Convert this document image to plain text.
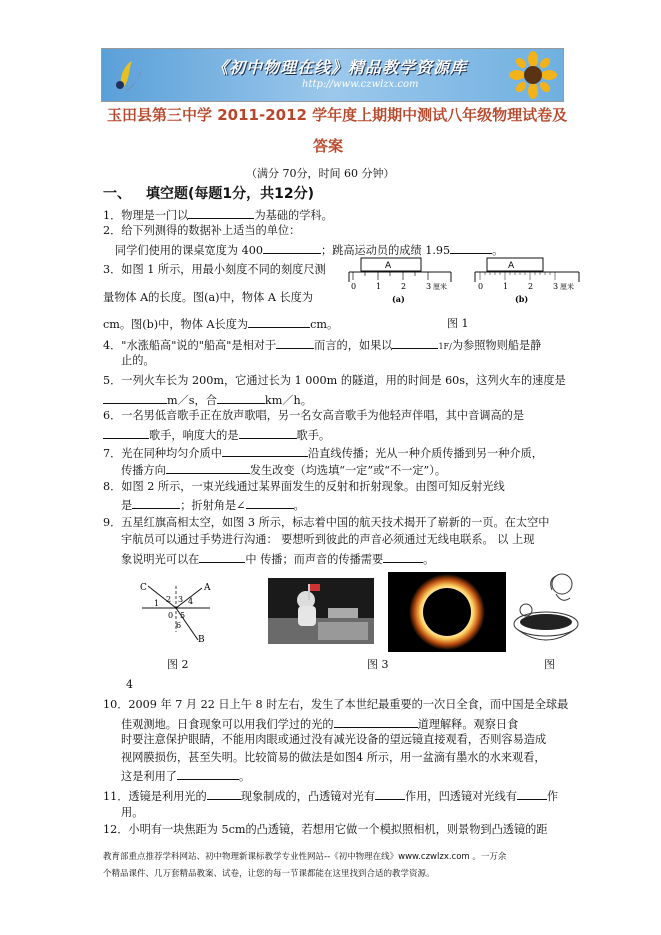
《初中物理在线》精品教学资源库
http://www.czwlzx.com
玉田县第三中学 2011-2012 学年度上期期中测试八年级物理试卷及
答案
（满分 70分，时间 60 分钟）
一、 填空题(每题1分，共12分)
1．物理是一门以	为基础的学科。
2．给下列测得的数据补上适当的单位：
同学们使用的课桌宽度为 400	；跳高运动员的成绩 1.95	。
3．如图 1 所示，用最小刻度不同的刻度尺测
量物体 A的长度。图(a)中，物体 A 长度为
cm。图(b)中，物体 A长度为	cm。
A
0 1 2 3 厘米
(a)
A
0 1 2 3 厘米
(b)
图 1
4．"水涨船高"说的"船高"是相对于	而言的，如果以	1F/为参照物则船是静
止的。
5．一列火车长为 200m，它通过长为 1 000m 的隧道，用的时间是 60s，这列火车的速度是
m／s，合	km／h。
6．一名男低音歌手正在放声歌唱，另一名女高音歌手为他轻声伴唱，其中音调高的是
歌手，响度大的是	歌手。
7．光在同种均匀介质中	沿直线传播；光从一种介质传播到另一种介质，
传播方向	发生改变（均选填“一定”或“不一定”）。
8．如图 2 所示，一束光线通过某界面发生的反射和折射现象。由图可知反射光线
是	；折射角是∠	。
9．五星红旗高相太空，如图 3 所示，标志着中国的航天技术揭开了崭新的一页。在太空中
宇航员可以通过手势进行沟通： 要想听到彼此的声音必须通过无线电联系。 以 上现
象说明光可以在	中 传播；而声音的传播需要	。
C	A
1 2 3 4
0 5
6
B
图 2	图 3	图
4
10．2009 年 7 月 22 日上午 8 时左右，发生了本世纪最重要的一次日全食，而中国是全球最
佳观测地。日食现象可以用我们学过的光的	道理解释。观察日食
时要注意保护眼睛，不能用肉眼或通过没有减光设备的望远镜直接观看，否则容易造成
视网膜损伤，甚至失明。比较简易的做法是如图4 所示，用一盆滴有墨水的水来观看，
这是利用了	。
11．透镜是利用光的	现象制成的，凸透镜对光有	作用，凹透镜对光线有	作
用。
12．小明有一块焦距为 5cm的凸透镜，若想用它做一个模拟照相机，则景物到凸透镜的距
教育部重点推荐学科网站、初中物理新课标教学专业性网站--《初中物理在线》www.czwlzx.com 。一万余
个精品课件、几万套精品教案、试卷，让您的每一节课都能在这里找到合适的教学资源。
